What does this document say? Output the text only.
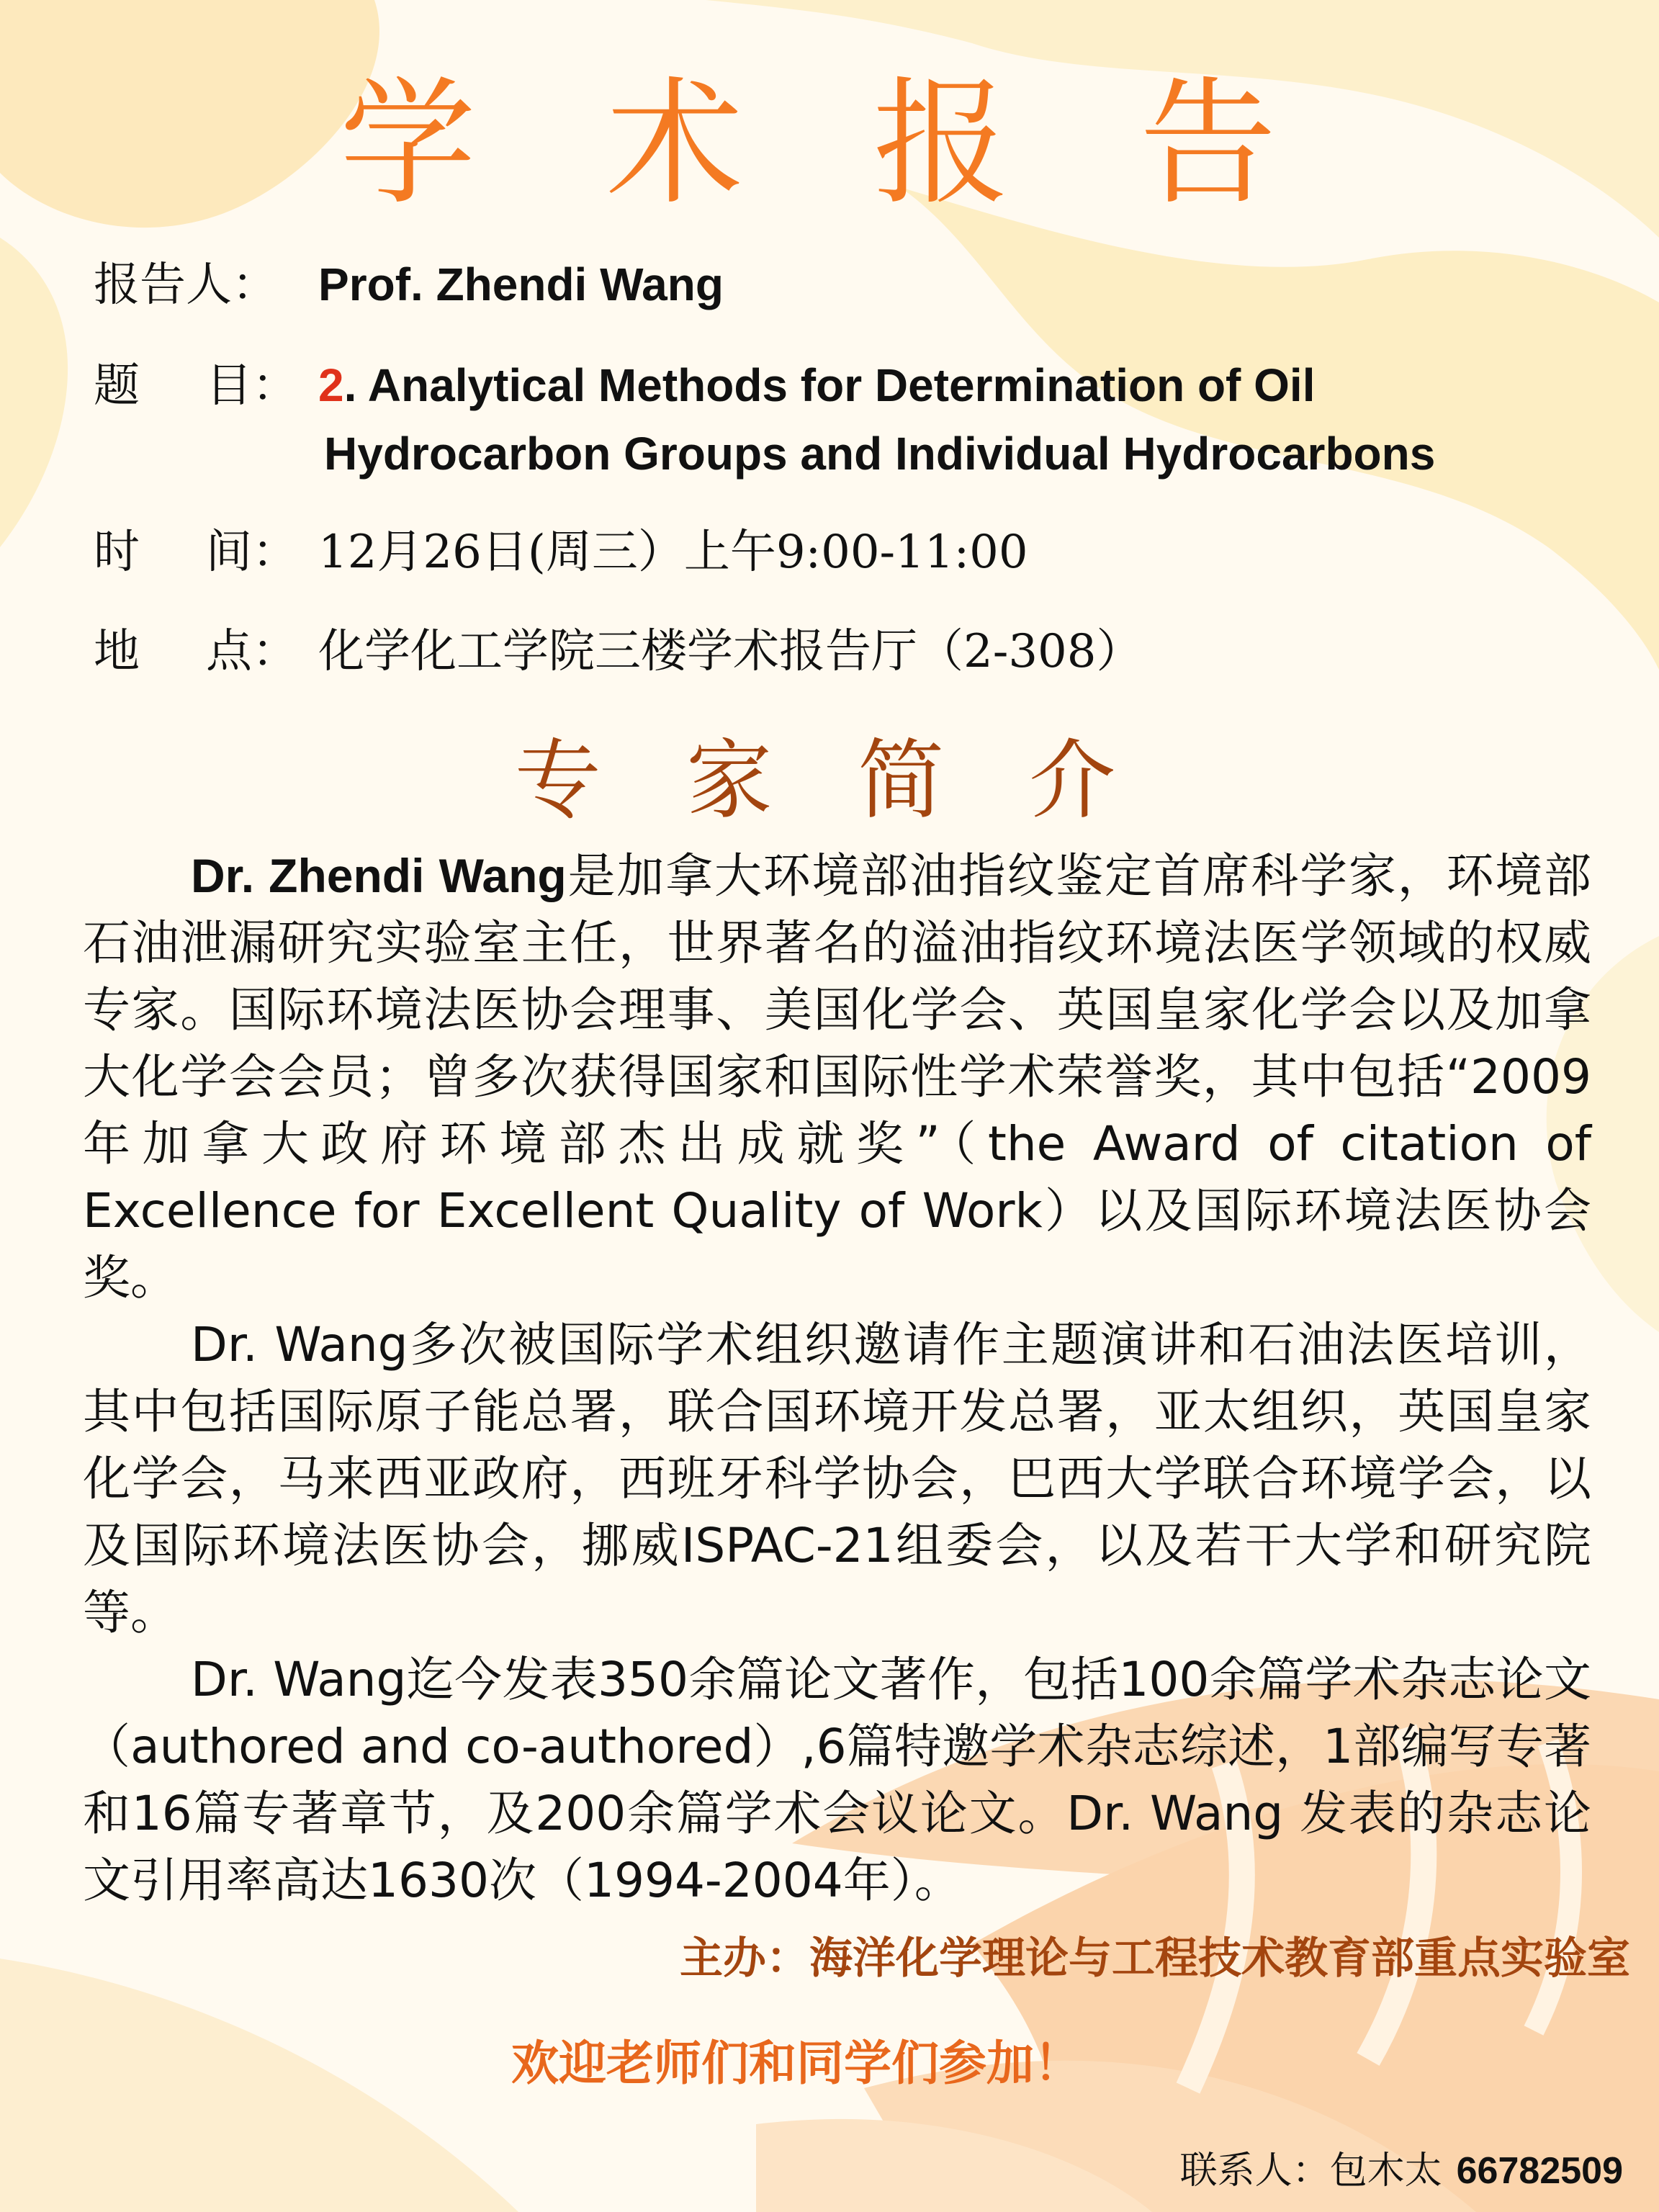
学 术 报 告
报告人： Prof. Zhendi Wang
题 目： 2. Analytical Methods for Determination of Oil
Hydrocarbon Groups and Individual Hydrocarbons
时 间： 12月26日(周三）上午9:00-11:00
地 点： 化学化工学院三楼学术报告厅（2-308）
专 家 简 介

Dr. Zhendi Wang是加拿大环境部油指纹鉴定首席科学家，环境部石油泄漏研究实验室主任，世界著名的溢油指纹环境法医学领域的权威专家。国际环境法医协会理事、美国化学会、英国皇家化学会以及加拿大化学会会员；曾多次获得国家和国际性学术荣誉奖，其中包括“2009年加拿大政府环境部杰出成就奖”（the Award of citation of Excellence for Excellent Quality of Work）以及国际环境法医协会奖。

Dr. Wang多次被国际学术组织邀请作主题演讲和石油法医培训，其中包括国际原子能总署，联合国环境开发总署，亚太组织，英国皇家化学会，马来西亚政府，西班牙科学协会，巴西大学联合环境学会，以及国际环境法医协会，挪威ISPAC-21组委会，以及若干大学和研究院等。

Dr. Wang迄今发表350余篇论文著作，包括100余篇学术杂志论文（authored and co-authored）,6篇特邀学术杂志综述，1部编写专著和16篇专著章节，及200余篇学术会议论文。Dr. Wang 发表的杂志论文引用率高达1630次（1994-2004年）。

主办：海洋化学理论与工程技术教育部重点实验室
欢迎老师们和同学们参加！
联系人：包木太 66782509
